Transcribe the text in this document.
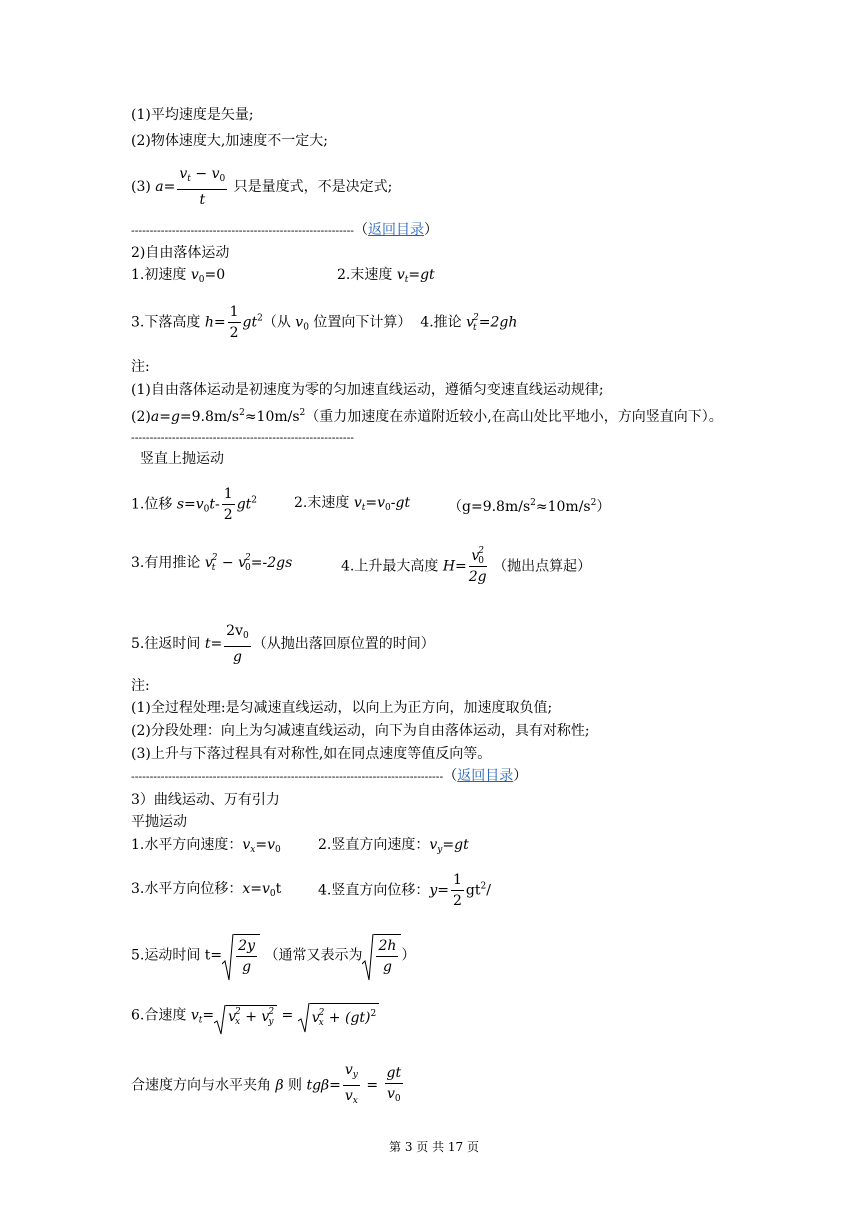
(1)平均速度是矢量;
(2)物体速度大,加速度不一定大;
(3) $a= \frac{v_t - v_0}{t}$ 只是量度式，不是决定式;
------------------------------------------------------------（返回目录）
2)自由落体运动
1.初速度 $v_0=0$	2.末速度 $v_t=gt$
3.下落高度 $h= \frac{1}{2} gt^2$（从 $v_0$ 位置向下计算） 4.推论 v 2
t =2gh
注:
(1)自由落体运动是初速度为零的匀加速直线运动，遵循匀变速直线运动规律;
$(2)a=g=9.8m/s^2\approx 10m/s^2$（重力加速度在赤道附近较小,在高山处比平地小，方向竖直向下）。
------------------------------------------------------------
竖直上抛运动
1.位移 $s=v_0t- \frac{1}{2} gt^2$	2.末速度 $v_t=v_0-gt$	$(g=9.8m/s^2\approx 10m/s^2)$
3.有用推论 v 2
t − v 2
0 =-2gs	4.上升最大高度 H= v 2
0
2g （抛出点算起）
5.往返时间 $t= \frac{2v_0}{g}$ （从抛出落回原位置的时间）
注:
(1)全过程处理:是匀减速直线运动，以向上为正方向，加速度取负值;
(2)分段处理：向上为匀减速直线运动，向下为自由落体运动，具有对称性;
(3)上升与下落过程具有对称性,如在同点速度等值反向等。
------------------------------------------------------------------------------------（返回目录）
3）曲线运动、万有引力
平抛运动
1.水平方向速度：$v_x=v_0$	2.竖直方向速度：$v_y=gt$
3.水平方向位移：$x=v_0t$	4.竖直方向位移：$y= \frac{1}{2} gt^2/$
5.运动时间 $t= \frac{2y}{g}$ （通常又表示为 $\frac{2h}{g}$ ）
6.合速度 $v_t= v$ 2
x + v 2
y =
v 2
x + (gt)$^2$
合速度方向与水平夹角 β 则 $tg\beta= \frac{v_y}{v_x} = \frac{gt}{v_0}$
第 3 页 共 17 页
